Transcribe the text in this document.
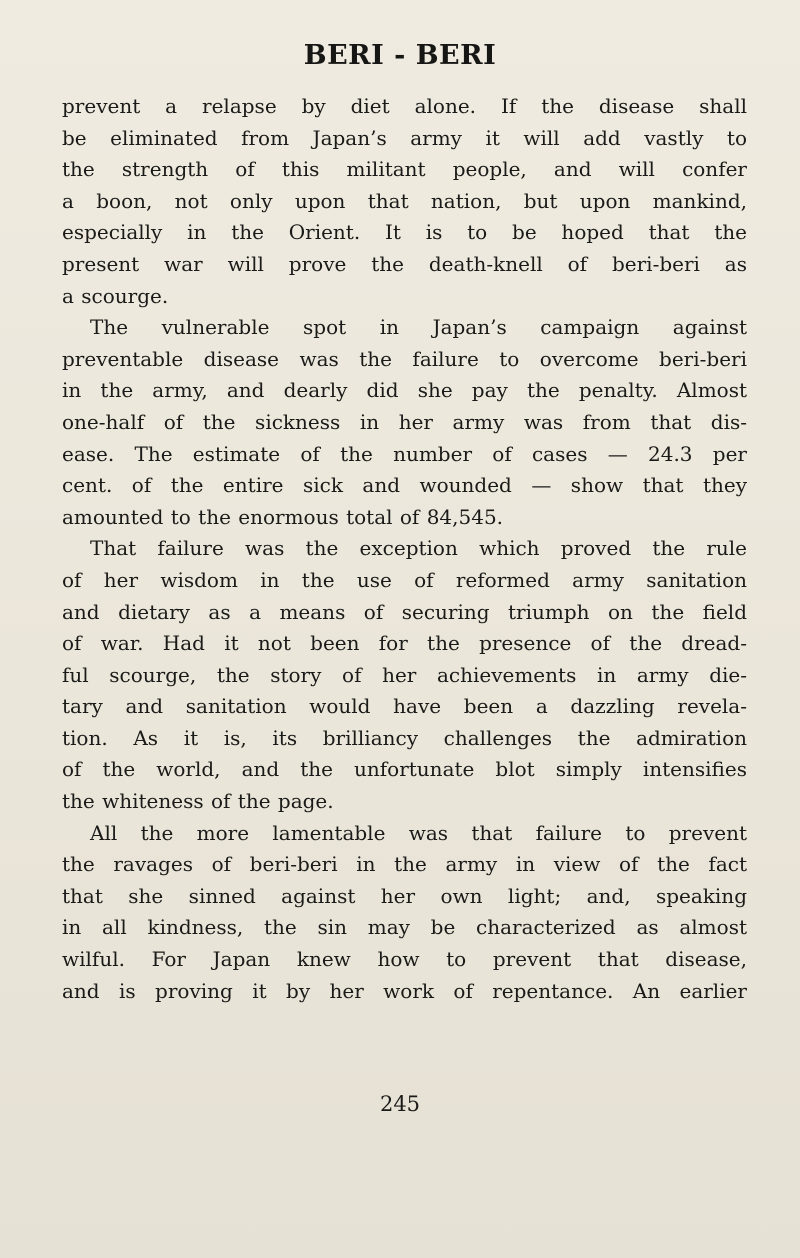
BERI - BERI
prevent a relapse by diet alone. If the disease shall
be eliminated from Japan’s army it will add vastly to
the strength of this militant people, and will confer
a boon, not only upon that nation, but upon mankind,
especially in the Orient. It is to be hoped that the
present war will prove the death-knell of beri-beri as
a scourge.
The vulnerable spot in Japan’s campaign against
preventable disease was the failure to overcome beri-beri
in the army, and dearly did she pay the penalty. Almost
one-half of the sickness in her army was from that dis-
ease. The estimate of the number of cases — 24.3 per
cent. of the entire sick and wounded — show that they
amounted to the enormous total of 84,545.
That failure was the exception which proved the rule
of her wisdom in the use of reformed army sanitation
and dietary as a means of securing triumph on the field
of war. Had it not been for the presence of the dread-
ful scourge, the story of her achievements in army die-
tary and sanitation would have been a dazzling revela-
tion. As it is, its brilliancy challenges the admiration
of the world, and the unfortunate blot simply intensifies
the whiteness of the page.
All the more lamentable was that failure to prevent
the ravages of beri-beri in the army in view of the fact
that she sinned against her own light; and, speaking
in all kindness, the sin may be characterized as almost
wilful. For Japan knew how to prevent that disease,
and is proving it by her work of repentance. An earlier
245
